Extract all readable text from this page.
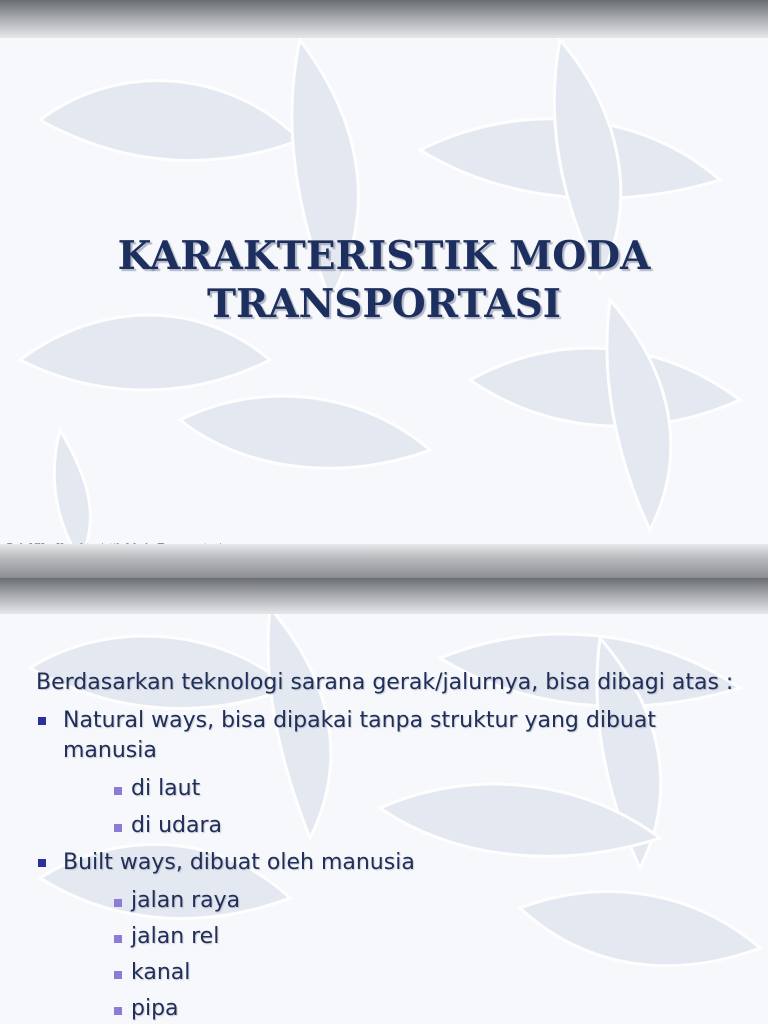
KARAKTERISTIK MODA
TRANSPORTASI
Berdasarkan teknologi sarana gerak/jalurnya, bisa dibagi atas :
Natural ways, bisa dipakai tanpa struktur yang dibuat manusia
di laut
di udara
Built ways, dibuat oleh manusia
jalan raya
jalan rel
kanal
pipa
